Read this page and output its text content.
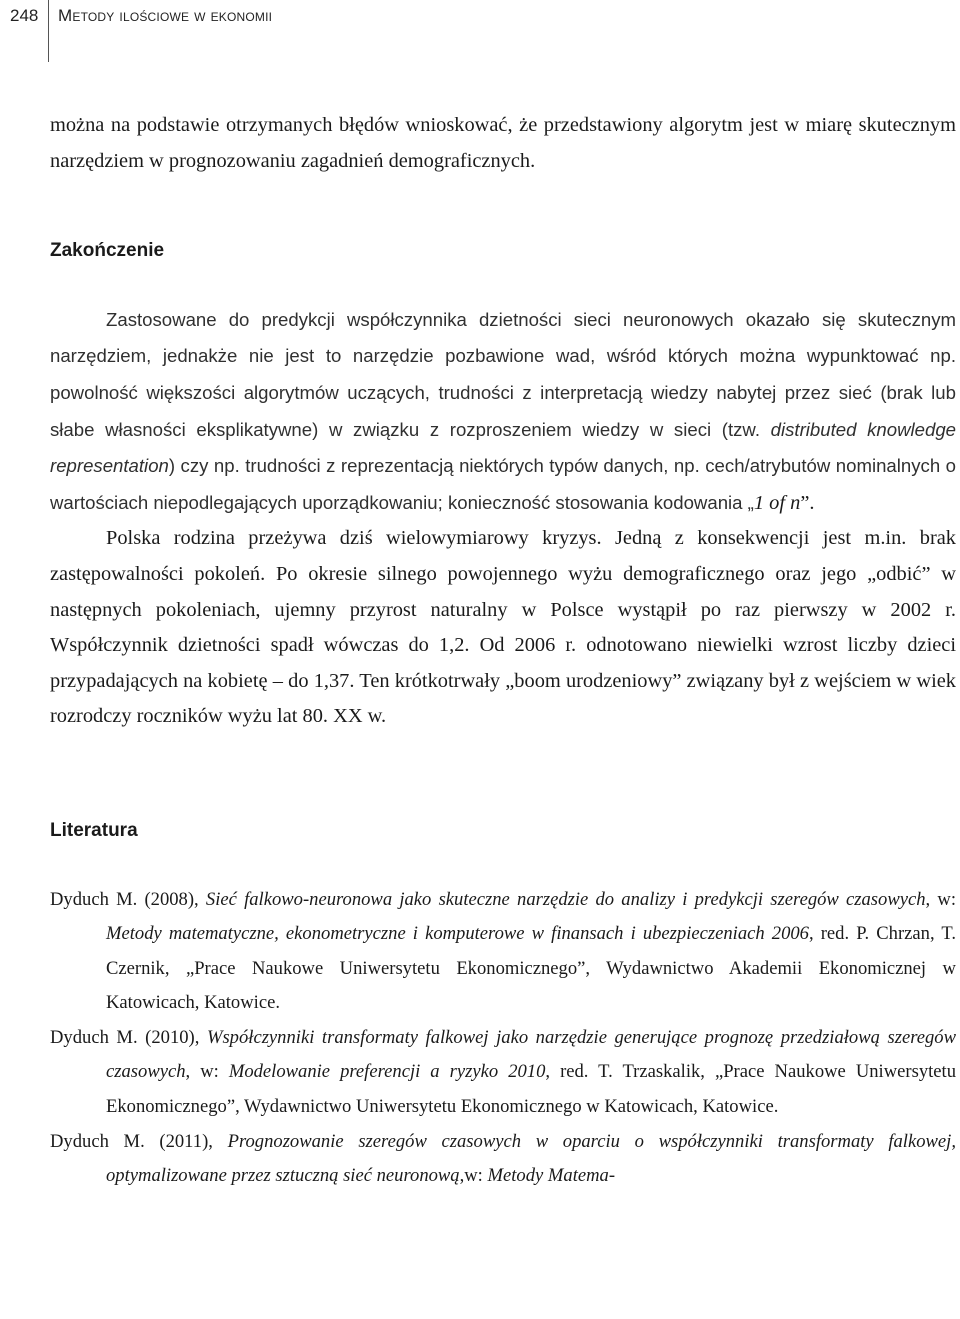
248 Metody ilościowe w ekonomii

można na podstawie otrzymanych błędów wnioskować, że przedstawiony algorytm jest w miarę skutecznym narzędziem w prognozowaniu zagadnień demograficznych.

Zakończenie

Zastosowane do predykcji współczynnika dzietności sieci neuronowych okazało się skutecznym narzędziem, jednakże nie jest to narzędzie pozbawione wad, wśród których można wypunktować np. powolność większości algorytmów uczących, trudności z interpretacją wiedzy nabytej przez sieć (brak lub słabe własności eksplikatywne) w związku z rozproszeniem wiedzy w sieci (tzw. distributed knowledge representation) czy np. trudności z reprezentacją niektórych typów danych, np. cech/atrybutów nominalnych o wartościach niepodlegających uporządkowaniu; konieczność stosowania kodowania „1 of n”.

Polska rodzina przeżywa dziś wielowymiarowy kryzys. Jedną z konsekwencji jest m.in. brak zastępowalności pokoleń. Po okresie silnego powojennego wyżu demograficznego oraz jego „odbić” w następnych pokoleniach, ujemny przyrost naturalny w Polsce wystąpił po raz pierwszy w 2002 r. Współczynnik dzietności spadł wówczas do 1,2. Od 2006 r. odnotowano niewielki wzrost liczby dzieci przypadających na kobietę – do 1,37. Ten krótkotrwały „boom urodzeniowy” związany był z wejściem w wiek rozrodczy roczników wyżu lat 80. XX w.

Literatura

Dyduch M. (2008), Sieć falkowo-neuronowa jako skuteczne narzędzie do analizy i predykcji szeregów czasowych, w: Metody matematyczne, ekonometryczne i komputerowe w finansach i ubezpieczeniach 2006, red. P. Chrzan, T. Czernik, „Prace Naukowe Uniwersytetu Ekonomicznego”, Wydawnictwo Akademii Ekonomicznej w Katowicach, Katowice.

Dyduch M. (2010), Współczynniki transformaty falkowej jako narzędzie generujące prognozę przedziałową szeregów czasowych, w: Modelowanie preferencji a ryzyko 2010, red. T. Trzaskalik, „Prace Naukowe Uniwersytetu Ekonomicznego”, Wydawnictwo Uniwersytetu Ekonomicznego w Katowicach, Katowice.

Dyduch M. (2011), Prognozowanie szeregów czasowych w oparciu o współczynniki transformaty falkowej, optymalizowane przez sztuczną sieć neuronową,w: Metody Matema-
